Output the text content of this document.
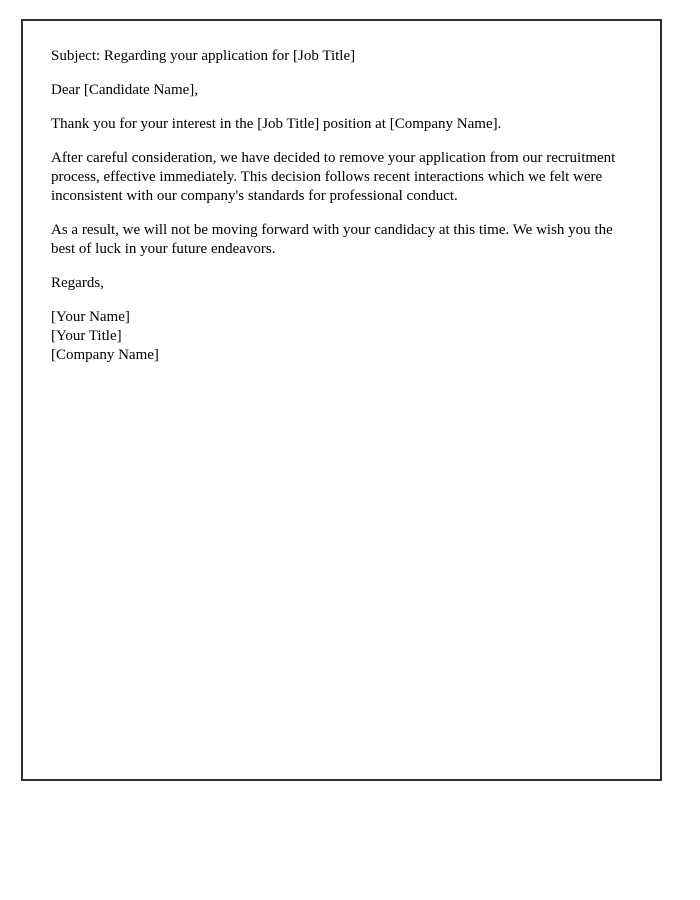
Subject: Regarding your application for [Job Title]

Dear [Candidate Name],

Thank you for your interest in the [Job Title] position at [Company Name].

After careful consideration, we have decided to remove your application from our recruitment process, effective immediately. This decision follows recent interactions which we felt were inconsistent with our company's standards for professional conduct.

As a result, we will not be moving forward with your candidacy at this time. We wish you the best of luck in your future endeavors.

Regards,

[Your Name]
[Your Title]
[Company Name]
